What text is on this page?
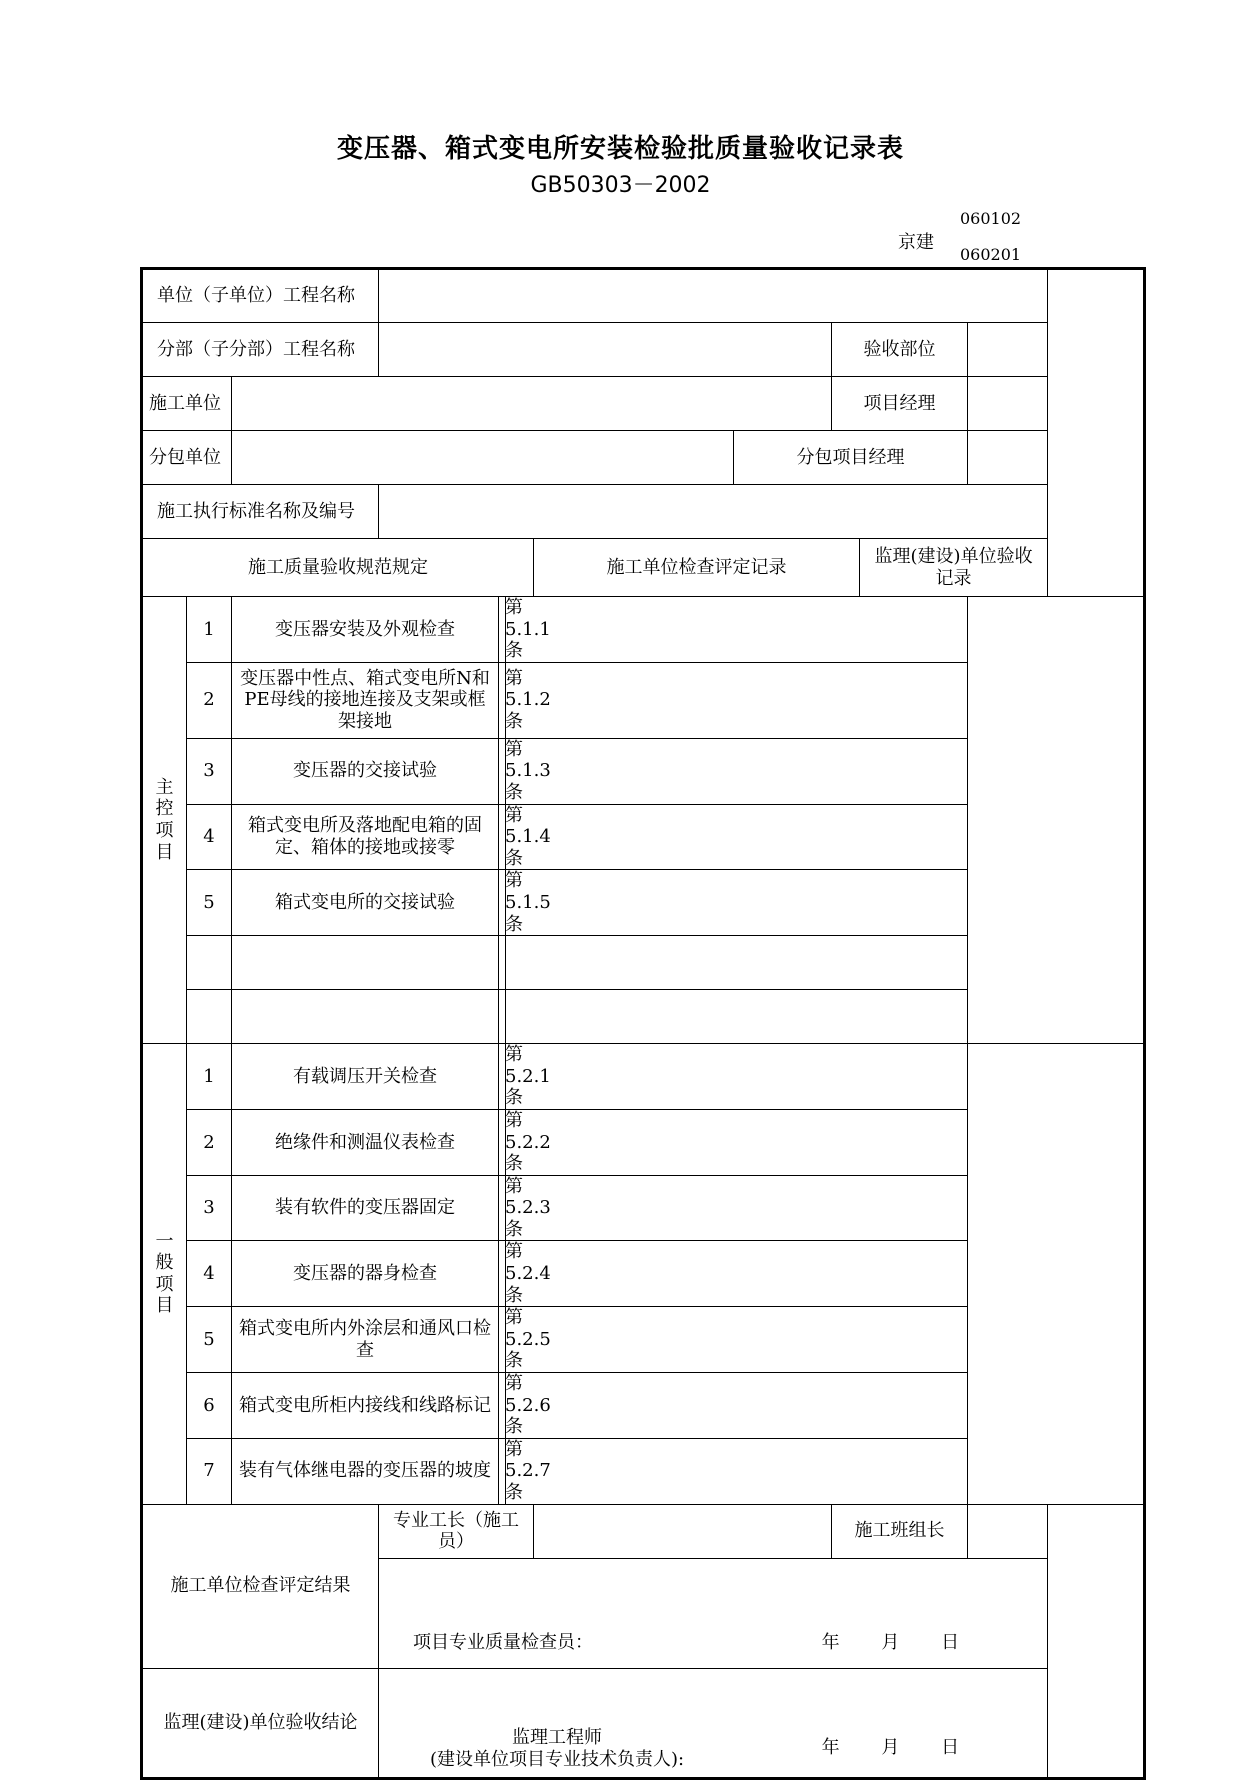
变压器、箱式变电所安装检验批质量验收记录表
GB50303－2002
京建
060102
060201
单位（子单位）工程名称										
分部（子分部）工程名称								验收部位		
施工单位								项目经理		
分包单位							分包项目经理			
施工执行标准名称及编号										
施工质量验收规范规定						施工单位检查评定记录			监理(建设)单位验收记录	

主
控
项
目	1	变压器安装及外观检查		第5.1.1条						
	2	变压器中性点、箱式变电所N和PE母线的接地连接及支架或框架接地		第5.1.2条						
	3	变压器的交接试验		第5.1.3条						
	4	箱式变电所及落地配电箱的固定、箱体的接地或接零		第5.1.4条						
	5	箱式变电所的交接试验		第5.1.5条						

一
般
项
目	1	有载调压开关检查		第5.2.1条						
	2	绝缘件和测温仪表检查		第5.2.2条						
	3	装有软件的变压器固定		第5.2.3条						
	4	变压器的器身检查		第5.2.4条						
	5	箱式变电所内外涂层和通风口检查		第5.2.5条						
	6	箱式变电所柜内接线和线路标记		第5.2.6条						
	7	装有气体继电器的变压器的坡度		第5.2.7条						
施工单位检查评定结果			专业工长（施工员）					施工班组长		

			项目专业质量检查员： 年 月 日							

监理(建设)单位验收结论			监理工程师
(建设单位项目专业技术负责人):
年 月 日							
